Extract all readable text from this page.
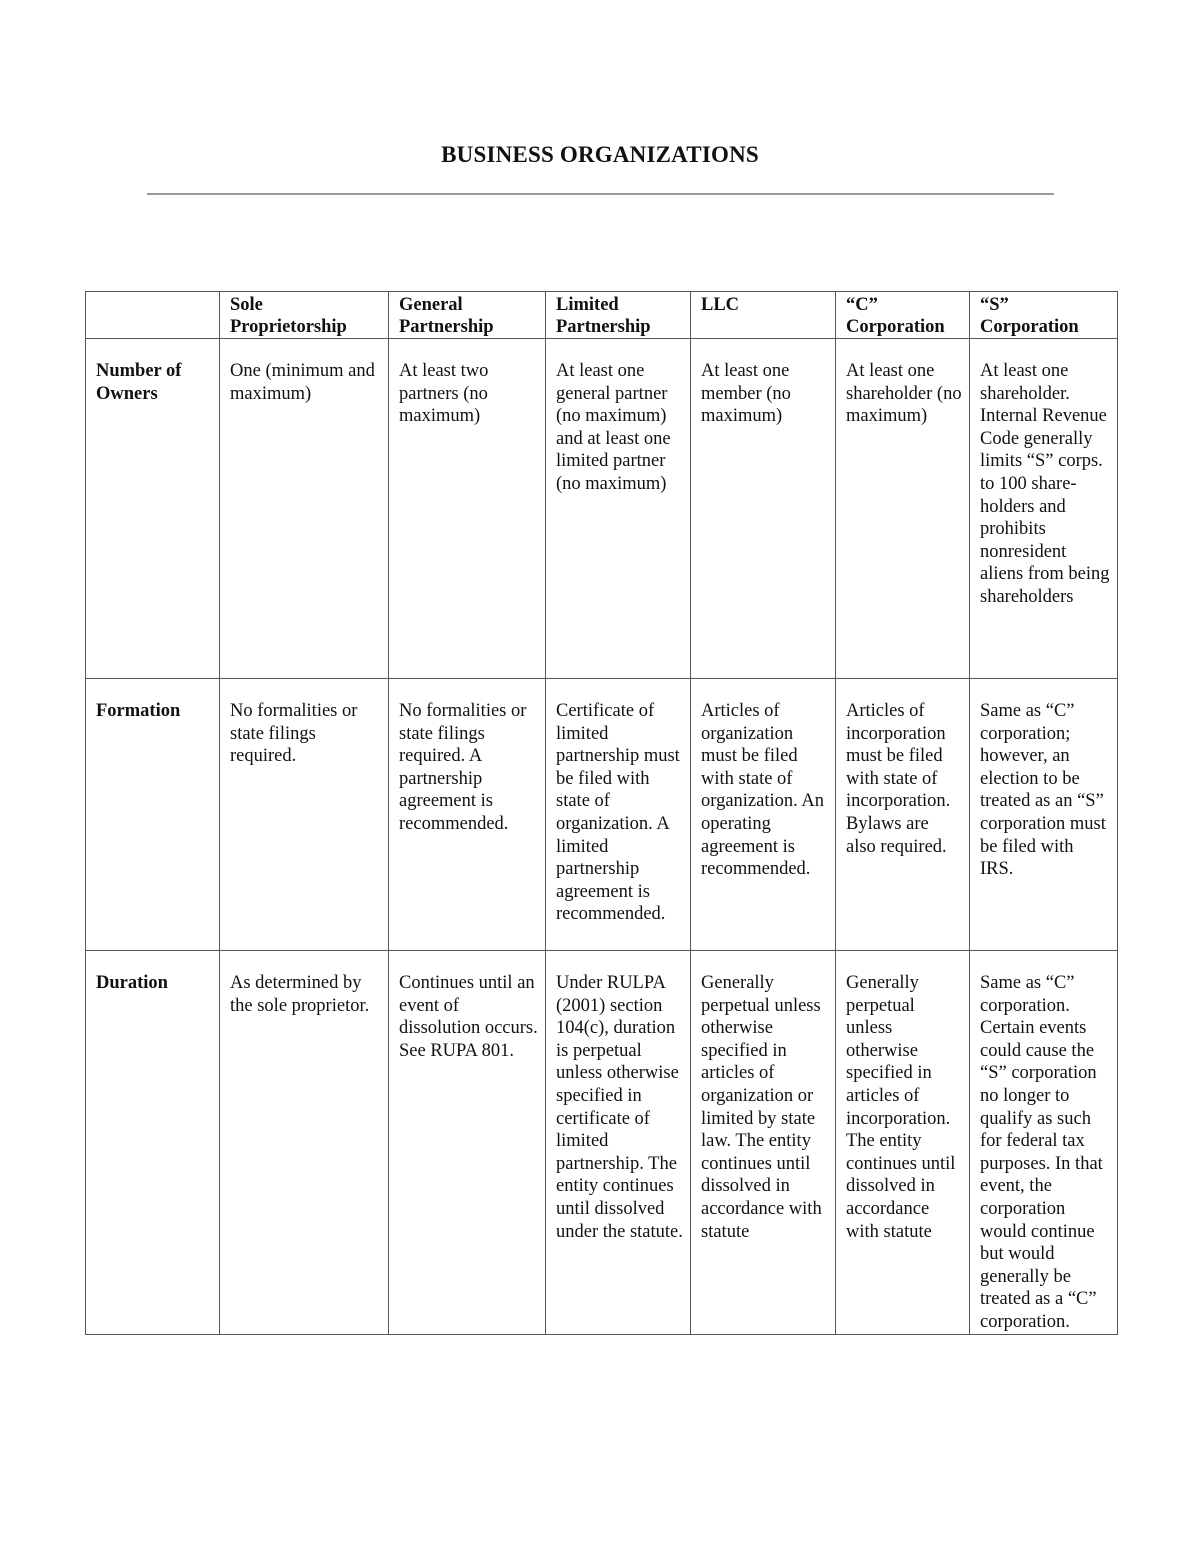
BUSINESS ORGANIZATIONS
	Sole Proprietorship	General Partnership	Limited Partnership	LLC	“C” Corporation	“S” Corporation
Number of Owners	One (minimum and maximum)	At least two partners (no maximum)	At least one general partner (no maximum) and at least one limited partner (no maximum)	At least one member (no maximum)	At least one shareholder (no maximum)	At least one shareholder. Internal Revenue Code generally limits “S” corps. to 100 share-holders and prohibits nonresident aliens from being shareholders
Formation	No formalities or state filings required.	No formalities or state filings required. A partnership agreement is recommended.	Certificate of limited partnership must be filed with state of organization. A limited partnership agreement is recommended.	Articles of organization must be filed with state of organization. An operating agreement is recommended.	Articles of incorporation must be filed with state of incorporation. Bylaws are also required.	Same as “C” corporation; however, an election to be treated as an “S” corporation must be filed with IRS.
Duration	As determined by the sole proprietor.	Continues until an event of dissolution occurs. See RUPA 801.	Under RULPA (2001) section 104(c), duration is perpetual unless otherwise specified in certificate of limited partnership. The entity continues until dissolved under the statute.	Generally perpetual unless otherwise specified in articles of organization or limited by state law. The entity continues until dissolved in accordance with statute	Generally perpetual unless otherwise specified in articles of incorporation. The entity continues until dissolved in accordance with statute	Same as “C” corporation. Certain events could cause the “S” corporation no longer to qualify as such for federal tax purposes. In that event, the corporation would continue but would generally be treated as a “C” corporation.
